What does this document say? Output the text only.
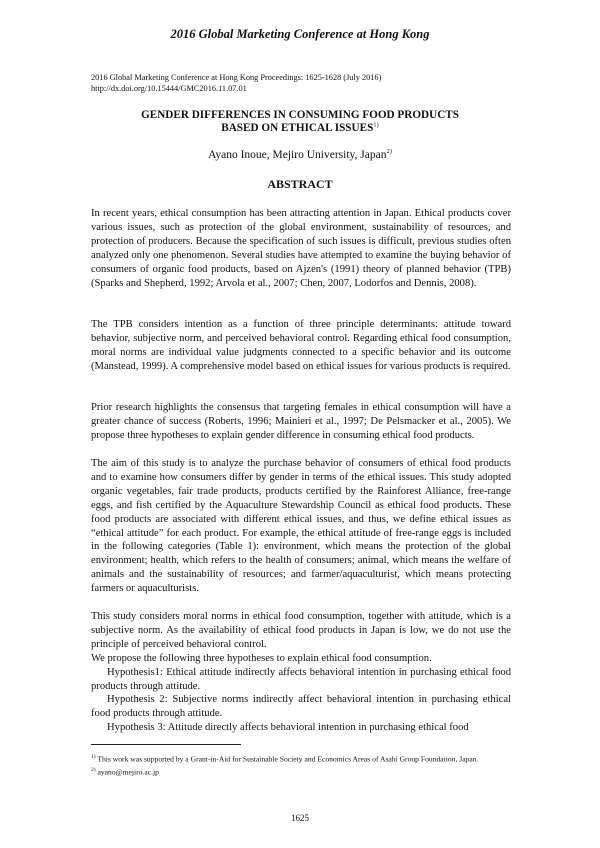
2016 Global Marketing Conference at Hong Kong
2016 Global Marketing Conference at Hong Kong Proceedings: 1625-1628 (July 2016)
http://dx.doi.org/10.15444/GMC2016.11.07.01
GENDER DIFFERENCES IN CONSUMING FOOD PRODUCTS
BASED ON ETHICAL ISSUES$^{1)}$
Ayano Inoue, Mejiro University, Japan$^{2)}$
ABSTRACT

In recent years, ethical consumption has been attracting attention in Japan. Ethical products cover various issues, such as protection of the global environment, sustainability of resources, and protection of producers. Because the specification of such issues is difficult, previous studies often analyzed only one phenomenon. Several studies have attempted to examine the buying behavior of consumers of organic food products, based on Ajzen's (1991) theory of planned behavior (TPB) (Sparks and Shepherd, 1992; Arvola et al., 2007; Chen, 2007, Lodorfos and Dennis, 2008).

The TPB considers intention as a function of three principle determinants: attitude toward behavior, subjective norm, and perceived behavioral control. Regarding ethical food consumption, moral norms are individual value judgments connected to a specific behavior and its outcome (Manstead, 1999). A comprehensive model based on ethical issues for various products is required.

Prior research highlights the consensus that targeting females in ethical consumption will have a greater chance of success (Roberts, 1996; Mainieri et al., 1997; De Pelsmacker et al., 2005). We propose three hypotheses to explain gender difference in consuming ethical food products.

The aim of this study is to analyze the purchase behavior of consumers of ethical food products and to examine how consumers differ by gender in terms of the ethical issues. This study adopted organic vegetables, fair trade products, products certified by the Rainforest Alliance, free-range eggs, and fish certified by the Aquaculture Stewardship Council as ethical food products. These food products are associated with different ethical issues, and thus, we define ethical issues as “ethical attitude” for each product. For example, the ethical attitude of free-range eggs is included in the following categories (Table 1): environment, which means the protection of the global environment; health, which refers to the health of consumers; animal, which means the welfare of animals and the sustainability of resources; and farmer/aquaculturist, which means protecting farmers or aquaculturists.

This study considers moral norms in ethical food consumption, together with attitude, which is a subjective norm. As the availability of ethical food products in Japan is low, we do not use the principle of perceived behavioral control.

We propose the following three hypotheses to explain ethical food consumption.

Hypothesis1: Ethical attitude indirectly affects behavioral intention in purchasing ethical food products through attitude.

Hypothesis 2: Subjective norms indirectly affect behavioral intention in purchasing ethical food products through attitude.

Hypothesis 3: Attitude directly affects behavioral intention in purchasing ethical food

$^{1)}$ This work was supported by a Grant-in-Aid for Sustainable Society and Economics Areas of Asahi Group Foundation, Japan.
$^{2)}$ ayano@mejiro.ac.jp
1625
